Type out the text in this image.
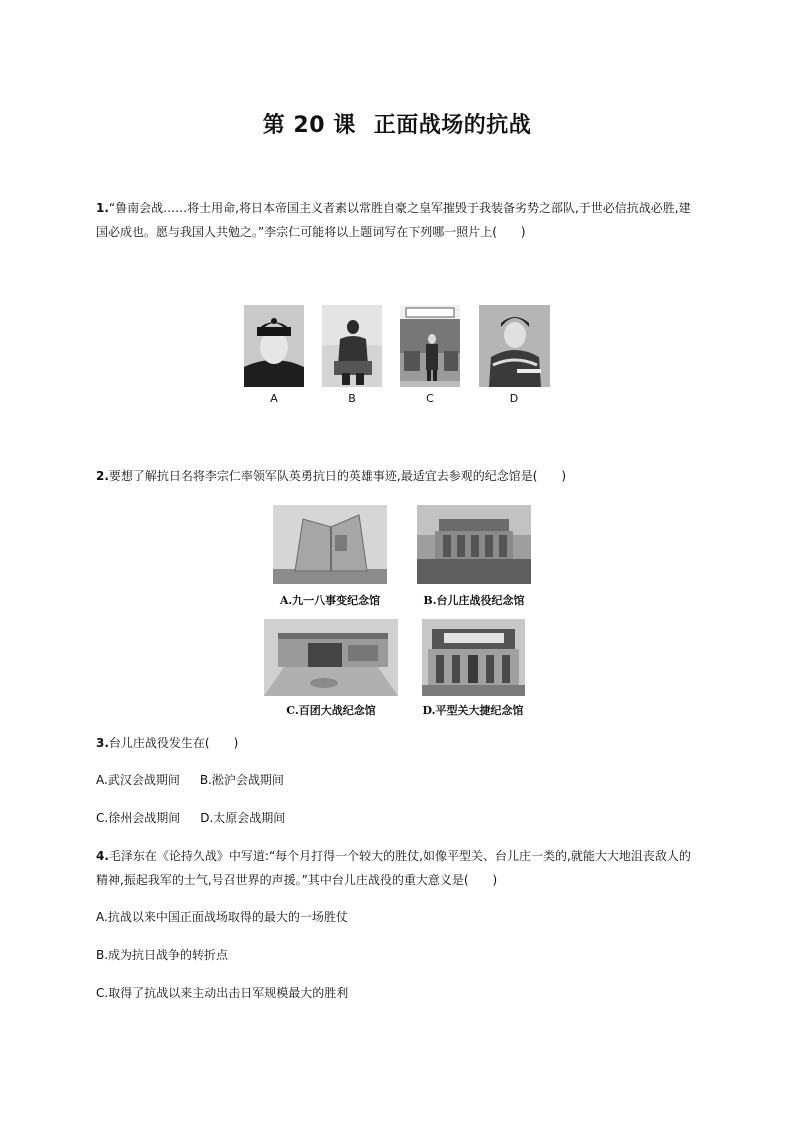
第 20 课 正面战场的抗战
1.“鲁南会战……将士用命,将日本帝国主义者素以常胜自豪之皇军摧毁于我装备劣势之部队,于世必信抗战必胜,建
国必成也。愿与我国人共勉之。”李宗仁可能将以上题词写在下列哪一照片上(　　)
A	B	C	D
2.要想了解抗日名将李宗仁率领军队英勇抗日的英雄事迹,最适宜去参观的纪念馆是(　　)
A.九一八事变纪念馆	B.台儿庄战役纪念馆
C.百团大战纪念馆	D.平型关大捷纪念馆
3.台儿庄战役发生在(　　)
A.武汉会战期间 B.淞沪会战期间
C.徐州会战期间 D.太原会战期间
4.毛泽东在《论持久战》中写道:“每个月打得一个较大的胜仗,如像平型关、台儿庄一类的,就能大大地沮丧敌人的
精神,振起我军的士气,号召世界的声援。”其中台儿庄战役的重大意义是(　　)
A.抗战以来中国正面战场取得的最大的一场胜仗
B.成为抗日战争的转折点
C.取得了抗战以来主动出击日军规模最大的胜利
